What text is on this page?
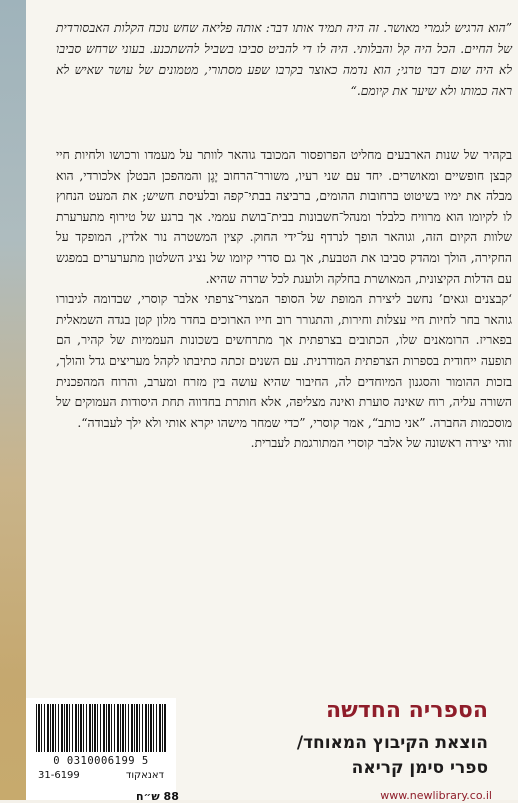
”הוא הרגיש לגמרי מאושר. זה היה תמיד אותו דבר: אותה פליאה שחש נוכח הקלות האבסורדית של החיים. הכל היה קל והבלותי. היה לו די להביט סביבו בשביל להשתכנע. בעוני שרחש סביבו לא היה שום דבר טרגי; הוא נדמה כאוצר בקרבו שפע מסתורי, מטמונים של עושר שאיש לא ראה כמותו ולא שיער את קיומם.“

בקהיר של שנות הארבעים מחליט הפרופסור המכובד גוהאר לוותר על מעמדו ורכושו ולחיות חיי קבצן חופשיים ומאושרים. יחד עם שני רעיו, משורר־הרחוב יֶגֶן והמהפכן הבטלן אלכורדי, הוא מבלה את ימיו בשיטוט ברחובות ההומים, ברביצה בבתי־קפה ובלעיסת חשיש; את המעט הנחוץ לו לקיומו הוא מרוויח כלבלר ומנהל־חשבונות בבית־בושת עממי. אך ברגע של טירוף מתערערת שלוות הקיום הזה, וגוהאר הופך לנרדף על־ידי החוק. קצין המשטרה נור אלדין, המופקד על החקירה, הולך ומהדק סביבו את הטבעת, אך גם סדרי קיומו של נציג השלטון מתערערים במפגש עם הדלות הקיצונית, המאושרת בחלקה ולועגת לכל שררה שהיא.

‘קבצנים וגאים’ נחשב ליצירת המופת של הסופר המצרי־צרפתי אלבר קוסרי, שבדומה לגיבורו גוהאר בחר לחיות חיי עצלות וחירות, והתגורר רוב חייו הארוכים בחדר מלון קטן בגדה השמאלית בפאריז. הרומאנים שלו, הכתובים בצרפתית אך מתרחשים בשכונות העממיות של קהיר, הם תופעה ייחודית בספרות הצרפתית המודרנית. עם השנים זכתה כתיבתו לקהל מעריצים גדל והולך, בזכות ההומור והסגנון המיוחדים לה, החיבור שהיא עושה בין מזרח ומערב, והרוח המהפכנית השורה עליה, רוח שאינה סוערת ואינה מצליפה, אלא חותרת בחדווה תחת היסודות העמוקים של מוסכמות החברה. ”אני כותב“, אמר קוסרי, ”כדי שמחר מישהו יקרא אותי ולא ילך לעבודה“.

זוהי יצירה ראשונה של אלבר קוסרי המתורגמת לעברית.

0 0310006199 5
31-6199	דאנאקוד
הספריה החדשה
הוצאת הקיבוץ המאוחד/
ספרי סימן קריאה
www.newlibrary.co.il
88 ש״ח
